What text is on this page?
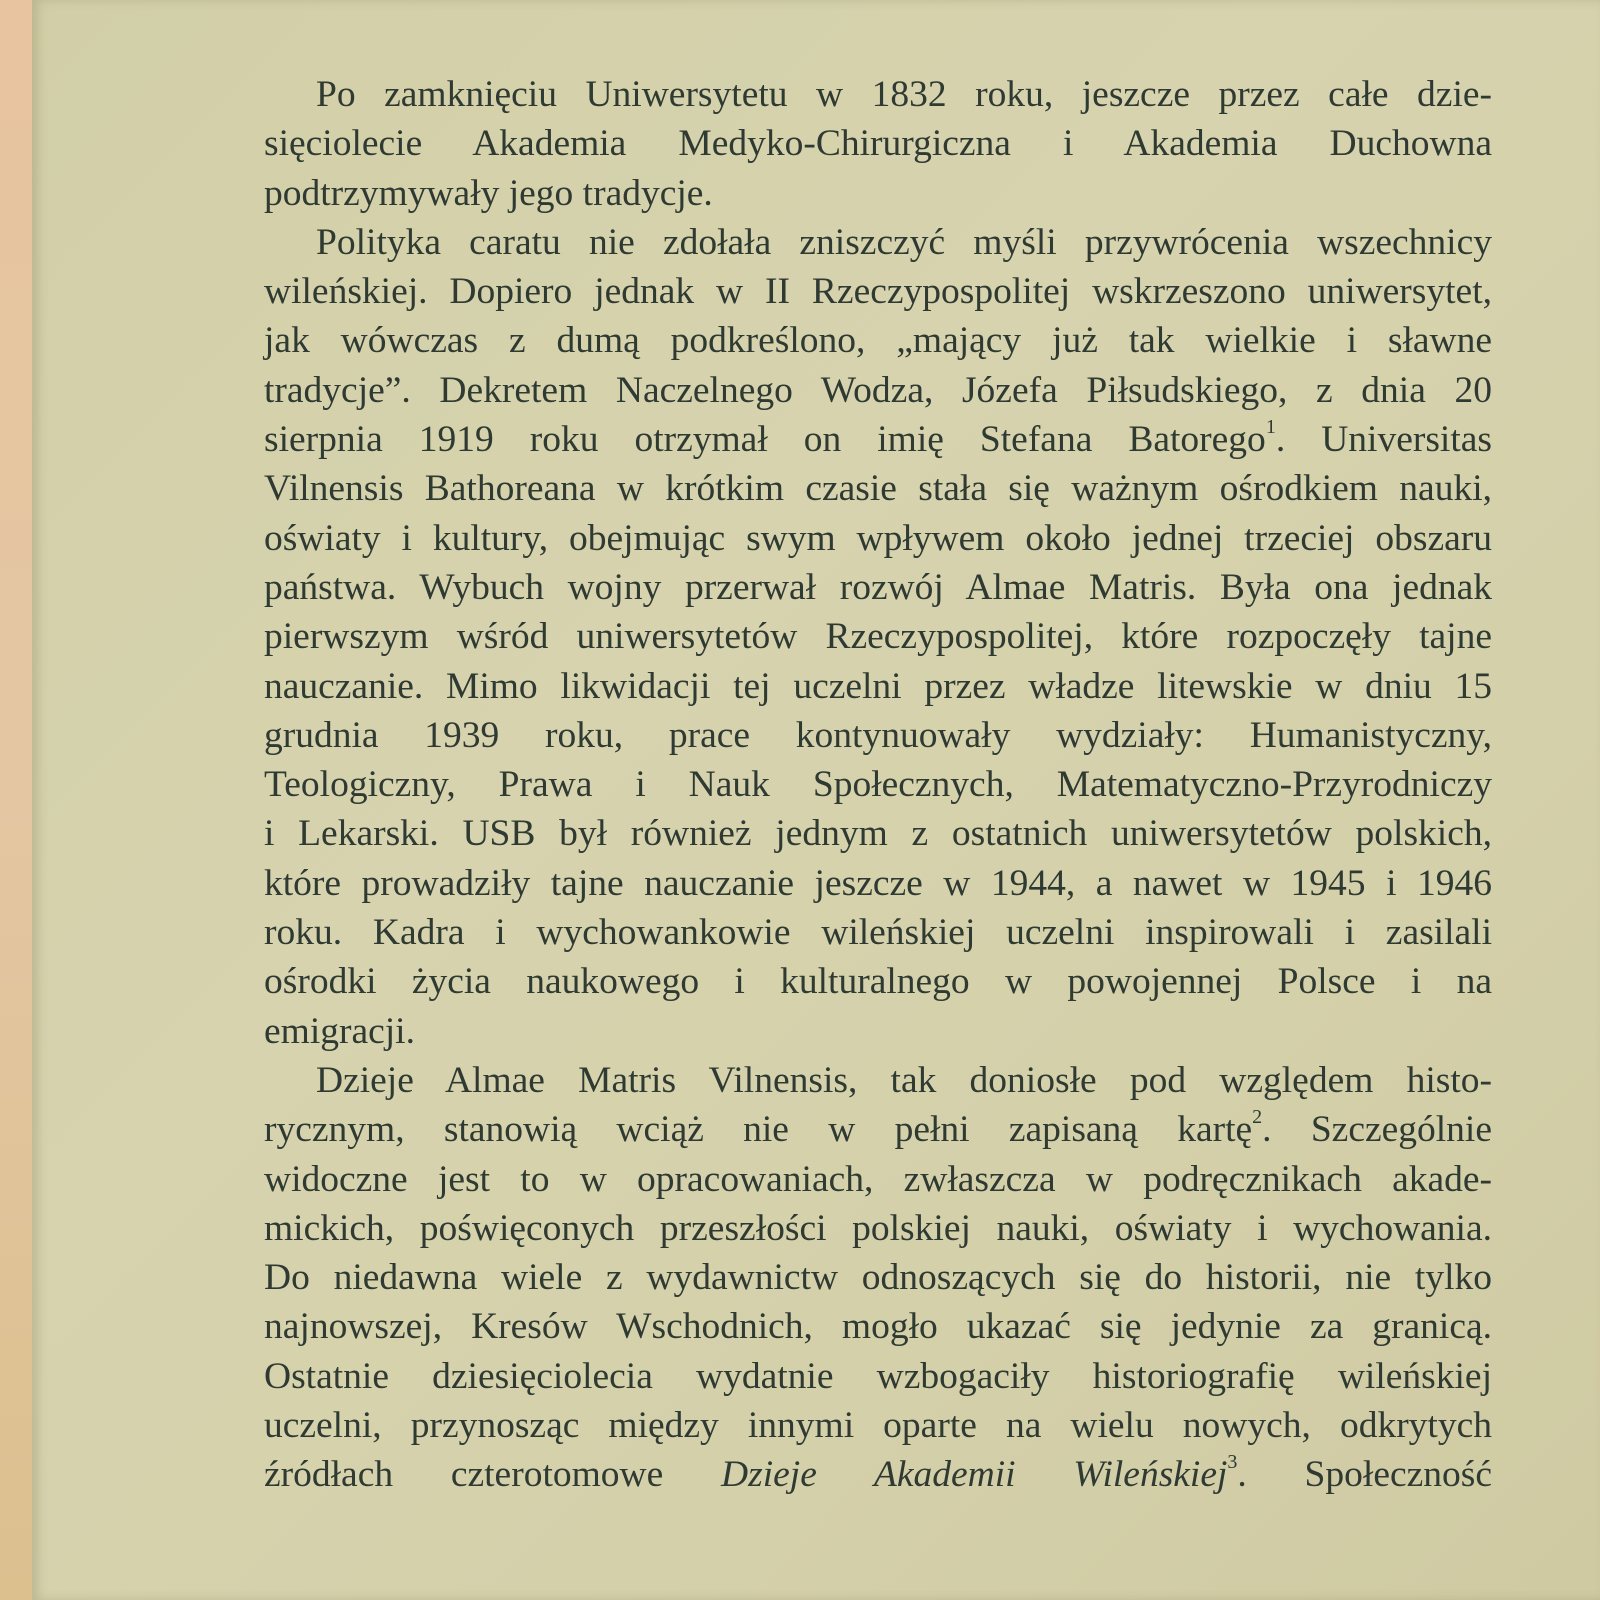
Po zamknięciu Uniwersytetu w 1832 roku, jeszcze przez całe dzie-
sięciolecie Akademia Medyko-Chirurgiczna i Akademia Duchowna
podtrzymywały jego tradycje.
Polityka caratu nie zdołała zniszczyć myśli przywrócenia wszechnicy
wileńskiej. Dopiero jednak w II Rzeczypospolitej wskrzeszono uniwersytet,
jak wówczas z dumą podkreślono, „mający już tak wielkie i sławne
tradycje”. Dekretem Naczelnego Wodza, Józefa Piłsudskiego, z dnia 20
sierpnia 1919 roku otrzymał on imię Stefana Batorego$^1$. Universitas
Vilnensis Bathoreana w krótkim czasie stała się ważnym ośrodkiem nauki,
oświaty i kultury, obejmując swym wpływem około jednej trzeciej obszaru
państwa. Wybuch wojny przerwał rozwój Almae Matris. Była ona jednak
pierwszym wśród uniwersytetów Rzeczypospolitej, które rozpoczęły tajne
nauczanie. Mimo likwidacji tej uczelni przez władze litewskie w dniu 15
grudnia 1939 roku, prace kontynuowały wydziały: Humanistyczny,
Teologiczny, Prawa i Nauk Społecznych, Matematyczno-Przyrodniczy
i Lekarski. USB był również jednym z ostatnich uniwersytetów polskich,
które prowadziły tajne nauczanie jeszcze w 1944, a nawet w 1945 i 1946
roku. Kadra i wychowankowie wileńskiej uczelni inspirowali i zasilali
ośrodki życia naukowego i kulturalnego w powojennej Polsce i na
emigracji.
Dzieje Almae Matris Vilnensis, tak doniosłe pod względem histo-
rycznym, stanowią wciąż nie w pełni zapisaną kartę$^2$. Szczególnie
widoczne jest to w opracowaniach, zwłaszcza w podręcznikach akade-
mickich, poświęconych przeszłości polskiej nauki, oświaty i wychowania.
Do niedawna wiele z wydawnictw odnoszących się do historii, nie tylko
najnowszej, Kresów Wschodnich, mogło ukazać się jedynie za granicą.
Ostatnie dziesięciolecia wydatnie wzbogaciły historiografię wileńskiej
uczelni, przynosząc między innymi oparte na wielu nowych, odkrytych
źródłach czterotomowe Dzieje Akademii Wileńskiej$^3$. Społeczność
